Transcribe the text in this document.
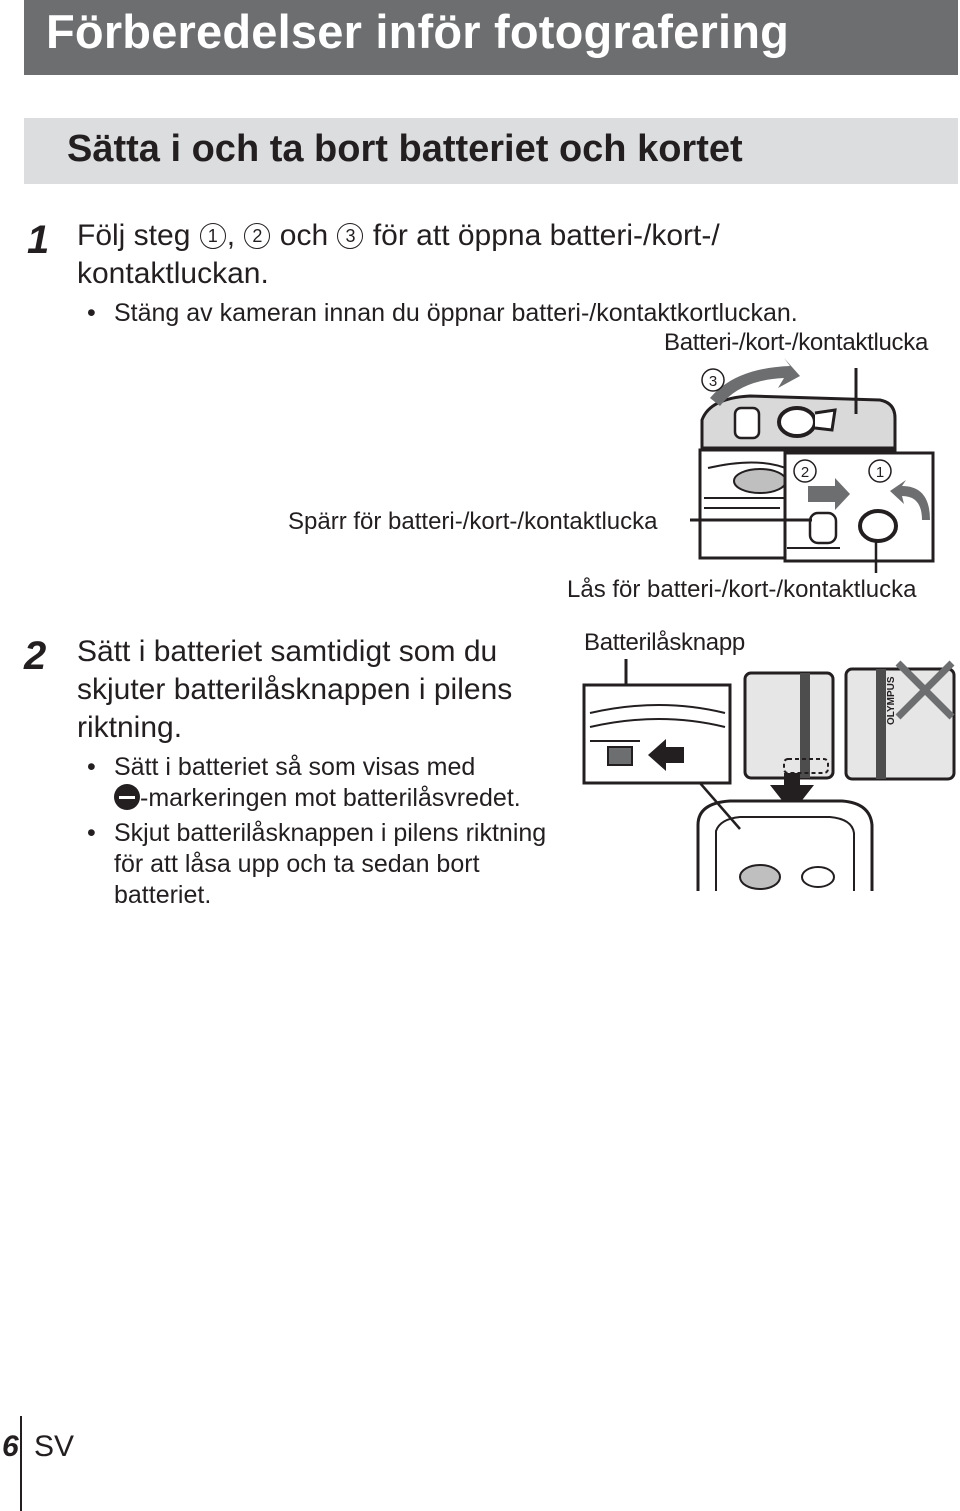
Förberedelser inför fotografering
Sätta i och ta bort batteriet och kortet
1 Följ steg 1 , 2 och 3 för att öppna batteri-/kort-/
kontaktluckan.
• Stäng av kameran innan du öppnar batteri-/kontaktkortluckan.
Batteri-/kort-/kontaktlucka
Spärr för batteri-/kort-/kontaktlucka
Lås för batteri-/kort-/kontaktlucka
3
2	1
2 Sätt i batteriet samtidigt som du
skjuter batterilåsknappen i pilens
riktning.
• Sätt i batteriet så som visas med
-markeringen mot batterilåsvredet.
• Skjut batterilåsknappen i pilens riktning
för att låsa upp och ta sedan bort
batteriet.
Batterilåsknapp
OLYMPUS
6 SV
